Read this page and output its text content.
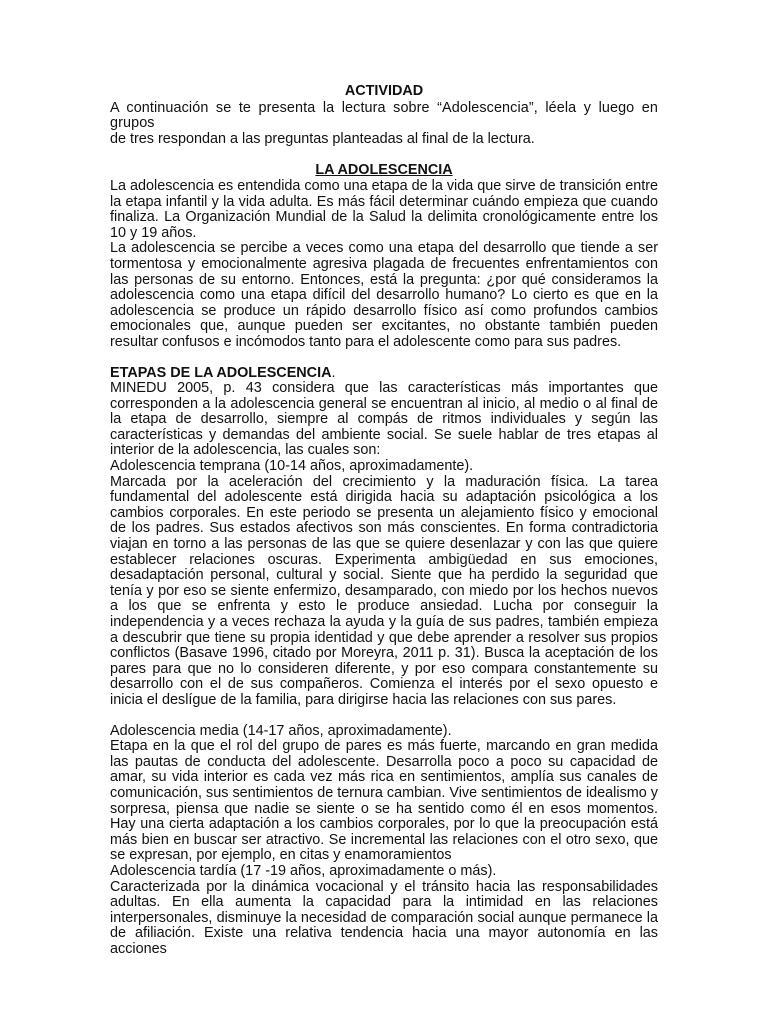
ACTIVIDAD
A continuación se te presenta la lectura sobre “Adolescencia”, léela y luego en grupos
de tres respondan a las preguntas planteadas al final de la lectura.
LA ADOLESCENCIA

La adolescencia es entendida como una etapa de la vida que sirve de transición entre la etapa infantil y la vida adulta. Es más fácil determinar cuándo empieza que cuando finaliza. La Organización Mundial de la Salud la delimita cronológicamente entre los 10 y 19 años.

La adolescencia se percibe a veces como una etapa del desarrollo que tiende a ser tormentosa y emocionalmente agresiva plagada de frecuentes enfrentamientos con las personas de su entorno. Entonces, está la pregunta: ¿por qué consideramos la adolescencia como una etapa difícil del desarrollo humano? Lo cierto es que en la adolescencia se produce un rápido desarrollo físico así como profundos cambios emocionales que, aunque pueden ser excitantes, no obstante también pueden resultar confusos e incómodos tanto para el adolescente como para sus padres.

ETAPAS DE LA ADOLESCENCIA.

MINEDU 2005, p. 43 considera que las características más importantes que corresponden a la adolescencia general se encuentran al inicio, al medio o al final de la etapa de desarrollo, siempre al compás de ritmos individuales y según las características y demandas del ambiente social. Se suele hablar de tres etapas al interior de la adolescencia, las cuales son:

Adolescencia temprana (10-14 años, aproximadamente).

Marcada por la aceleración del crecimiento y la maduración física. La tarea fundamental del adolescente está dirigida hacia su adaptación psicológica a los cambios corporales. En este periodo se presenta un alejamiento físico y emocional de los padres. Sus estados afectivos son más conscientes. En forma contradictoria viajan en torno a las personas de las que se quiere desenlazar y con las que quiere establecer relaciones oscuras. Experimenta ambigüedad en sus emociones, desadaptación personal, cultural y social. Siente que ha perdido la seguridad que tenía y por eso se siente enfermizo, desamparado, con miedo por los hechos nuevos a los que se enfrenta y esto le produce ansiedad. Lucha por conseguir la independencia y a veces rechaza la ayuda y la guía de sus padres, también empieza a descubrir que tiene su propia identidad y que debe aprender a resolver sus propios conflictos (Basave 1996, citado por Moreyra, 2011 p. 31). Busca la aceptación de los pares para que no lo consideren diferente, y por eso compara constantemente su desarrollo con el de sus compañeros. Comienza el interés por el sexo opuesto e inicia el deslígue de la familia, para dirigirse hacia las relaciones con sus pares.

Adolescencia media (14-17 años, aproximadamente).

Etapa en la que el rol del grupo de pares es más fuerte, marcando en gran medida las pautas de conducta del adolescente. Desarrolla poco a poco su capacidad de amar, su vida interior es cada vez más rica en sentimientos, amplía sus canales de comunicación, sus sentimientos de ternura cambian. Vive sentimientos de idealismo y sorpresa, piensa que nadie se siente o se ha sentido como él en esos momentos. Hay una cierta adaptación a los cambios corporales, por lo que la preocupación está más bien en buscar ser atractivo. Se incremental las relaciones con el otro sexo, que se expresan, por ejemplo, en citas y enamoramientos

Adolescencia tardía (17 -19 años, aproximadamente o más).

Caracterizada por la dinámica vocacional y el tránsito hacia las responsabilidades adultas. En ella aumenta la capacidad para la intimidad en las relaciones interpersonales, disminuye la necesidad de comparación social aunque permanece la de afiliación. Existe una relativa tendencia hacia una mayor autonomía en las acciones
